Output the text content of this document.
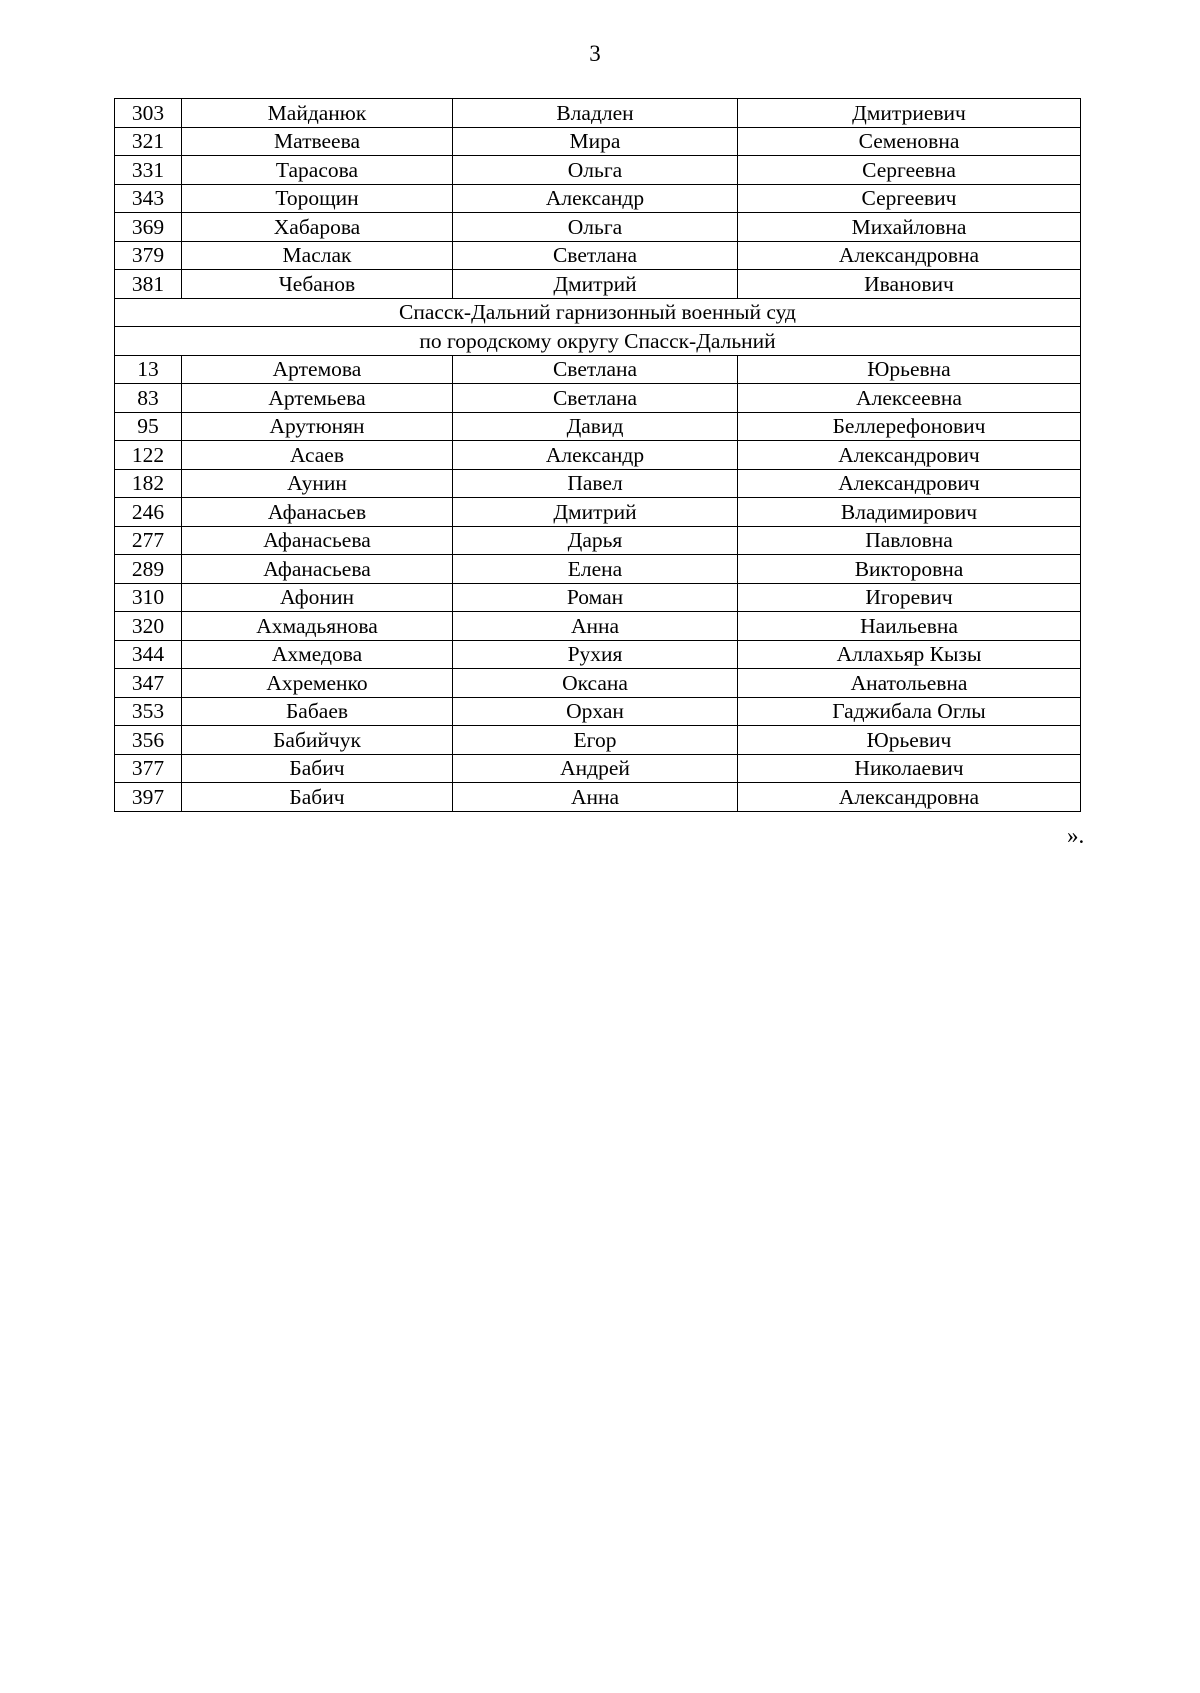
3
303	Майданюк	Владлен	Дмитриевич
321	Матвеева	Мира	Семеновна
331	Тарасова	Ольга	Сергеевна
343	Торощин	Александр	Сергеевич
369	Хабарова	Ольга	Михайловна
379	Маслак	Светлана	Александровна
381	Чебанов	Дмитрий	Иванович
Спасск-Дальний гарнизонный военный суд			
по городскому округу Спасск-Дальний			
13	Артемова	Светлана	Юрьевна
83	Артемьева	Светлана	Алексеевна
95	Арутюнян	Давид	Беллерефонович
122	Асаев	Александр	Александрович
182	Аунин	Павел	Александрович
246	Афанасьев	Дмитрий	Владимирович
277	Афанасьева	Дарья	Павловна
289	Афанасьева	Елена	Викторовна
310	Афонин	Роман	Игоревич
320	Ахмадьянова	Анна	Наильевна
344	Ахмедова	Рухия	Аллахьяр Кызы
347	Ахременко	Оксана	Анатольевна
353	Бабаев	Орхан	Гаджибала Оглы
356	Бабийчук	Егор	Юрьевич
377	Бабич	Андрей	Николаевич
397	Бабич	Анна	Александровна
».
